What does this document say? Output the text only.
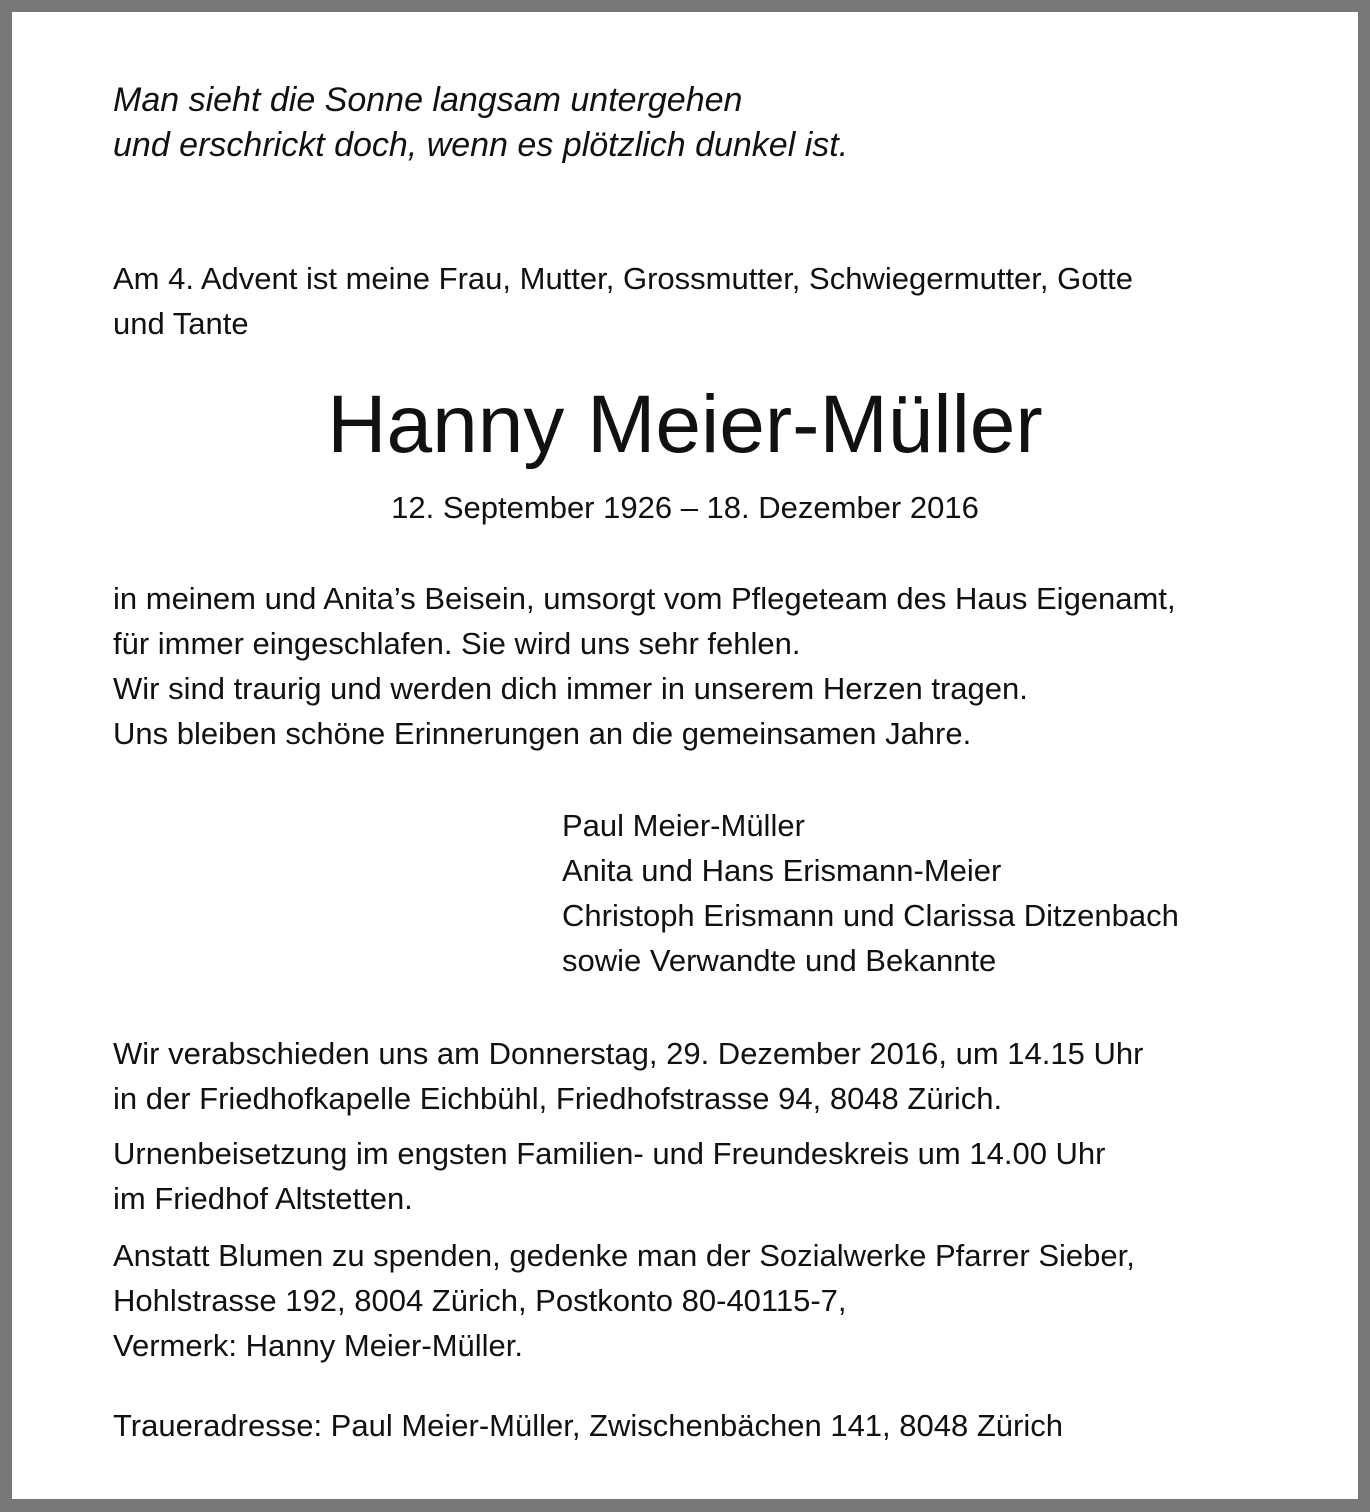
Man sieht die Sonne langsam untergehen
und erschrickt doch, wenn es plötzlich dunkel ist.
Am 4. Advent ist meine Frau, Mutter, Grossmutter, Schwiegermutter, Gotte
und Tante
Hanny Meier-Müller
12. September 1926 – 18. Dezember 2016
in meinem und Anita’s Beisein, umsorgt vom Pflegeteam des Haus Eigenamt,
für immer eingeschlafen. Sie wird uns sehr fehlen.
Wir sind traurig und werden dich immer in unserem Herzen tragen.
Uns bleiben schöne Erinnerungen an die gemeinsamen Jahre.
Paul Meier-Müller
Anita und Hans Erismann-Meier
Christoph Erismann und Clarissa Ditzenbach
sowie Verwandte und Bekannte
Wir verabschieden uns am Donnerstag, 29. Dezember 2016, um 14.15 Uhr
in der Friedhofkapelle Eichbühl, Friedhofstrasse 94, 8048 Zürich.
Urnenbeisetzung im engsten Familien- und Freundeskreis um 14.00 Uhr
im Friedhof Altstetten.
Anstatt Blumen zu spenden, gedenke man der Sozialwerke Pfarrer Sieber,
Hohlstrasse 192, 8004 Zürich, Postkonto 80-40115-7,
Vermerk: Hanny Meier-Müller.
Traueradresse: Paul Meier-Müller, Zwischenbächen 141, 8048 Zürich
